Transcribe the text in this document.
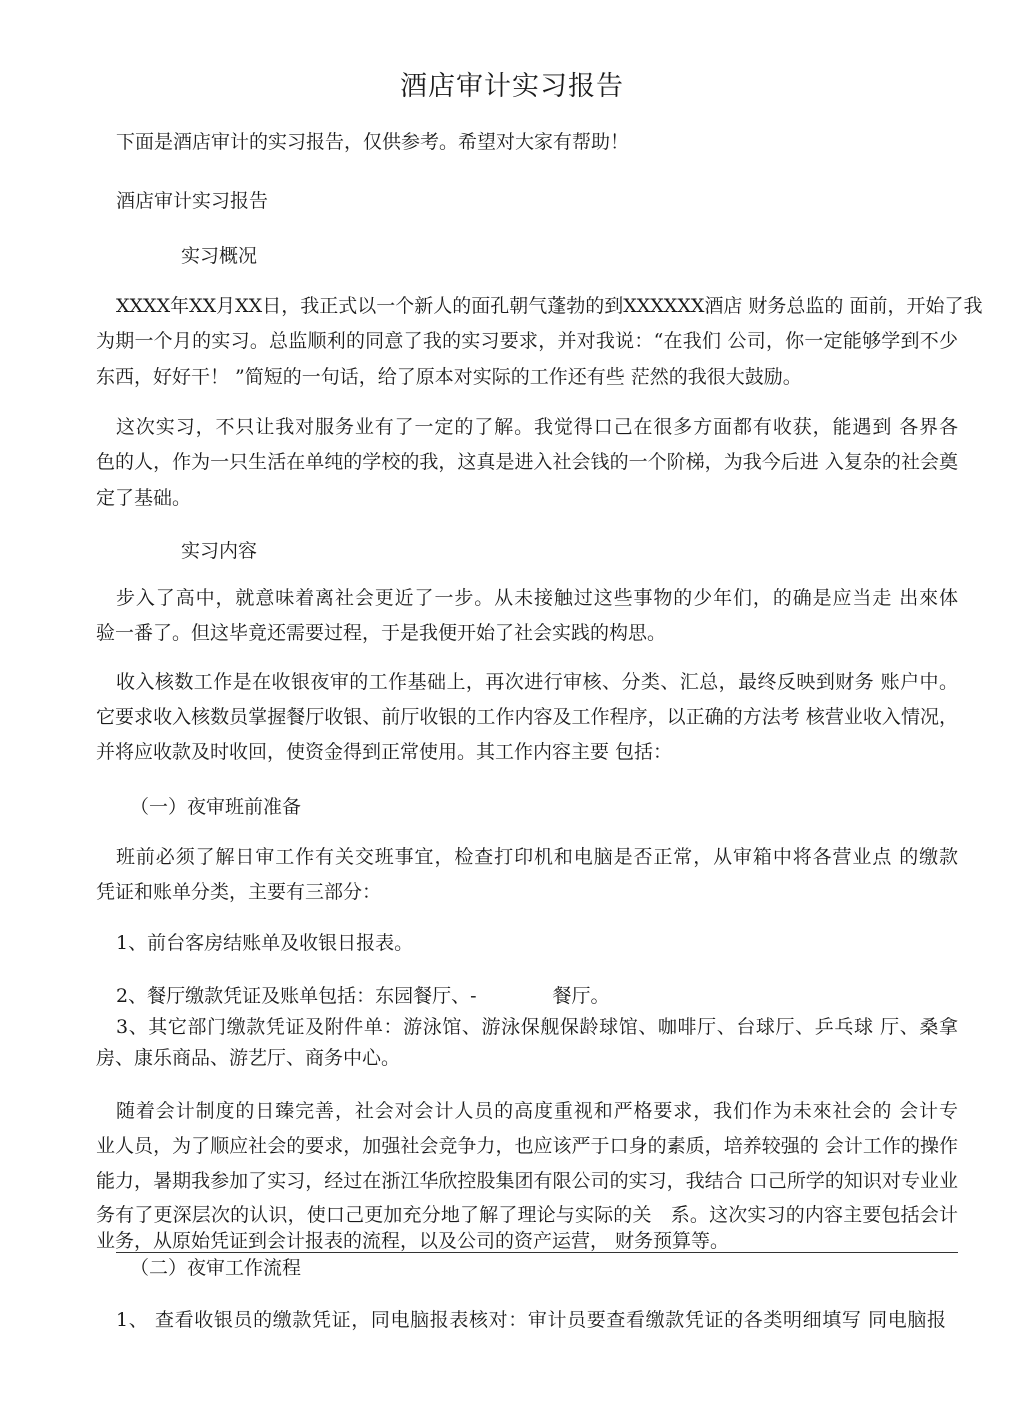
酒店审计实习报告
下面是酒店审计的实习报告，仅供参考。希望对大家有帮助！
酒店审计实习报告
实习概况
XXXX年XX月XX日，我正式以一个新人的面孔朝气蓬勃的到XXXXXX酒店 财务总监的 面前，开始了我
为期一个月的实习。总监顺利的同意了我的实习要求，并对我说：“在我们 公司，你一定能够学到不少
东西，好好干！ ”简短的一句话，给了原本对实际的工作还有些 茫然的我很大鼓励。
这次实习，不只让我对服务业有了一定的了解。我觉得口己在很多方面都有收获，能遇到 各界各
色的人，作为一只生活在单纯的学校的我，这真是进入社会钱的一个阶梯，为我今后进 入复杂的社会奠
定了基础。
实习内容
步入了高中，就意味着离社会更近了一步。从未接触过这些事物的少年们，的确是应当走 出來体
验一番了。但这毕竟还需要过程，于是我便开始了社会实践的构思。
收入核数工作是在收银夜审的工作基础上，再次进行审核、分类、汇总，最终反映到财务 账户中。
它要求收入核数员掌握餐厅收银、前厅收银的工作内容及工作程序，以正确的方法考 核营业收入情况，
并将应收款及时收回，使资金得到正常使用。其工作内容主要 包括：
（一）夜审班前准备
班前必须了解日审工作有关交班事宜，检查打印机和电脑是否正常，从审箱中将各营业点 的缴款
凭证和账单分类，主要有三部分：
1、前台客房结账单及收银日报表。
2、餐厅缴款凭证及账单包括：东园餐厅、-　　　　餐厅。
3、其它部门缴款凭证及附件单：游泳馆、游泳保舰保龄球馆、咖啡厅、台球厅、乒乓球 厅、桑拿
房、康乐商品、游艺厅、商务中心。
随着会计制度的日臻完善，社会对会计人员的高度重视和严格要求，我们作为未來社会的 会计专
业人员，为了顺应社会的要求，加强社会竞争力，也应该严于口身的素质，培养较强的 会计工作的操作
能力，暑期我参加了实习，经过在浙江华欣控股集团有限公司的实习，我结合 口己所学的知识对专业业
务有了更深层次的认识，使口己更加充分地了解了理论与实际的关　系。这次实习的内容主要包括会计
业务，从原始凭证到会计报表的流程，以及公司的资产运营， 财务预算等。
（二）夜审工作流程
1、 查看收银员的缴款凭证，同电脑报表核对：审计员要查看缴款凭证的各类明细填写 同电脑报
